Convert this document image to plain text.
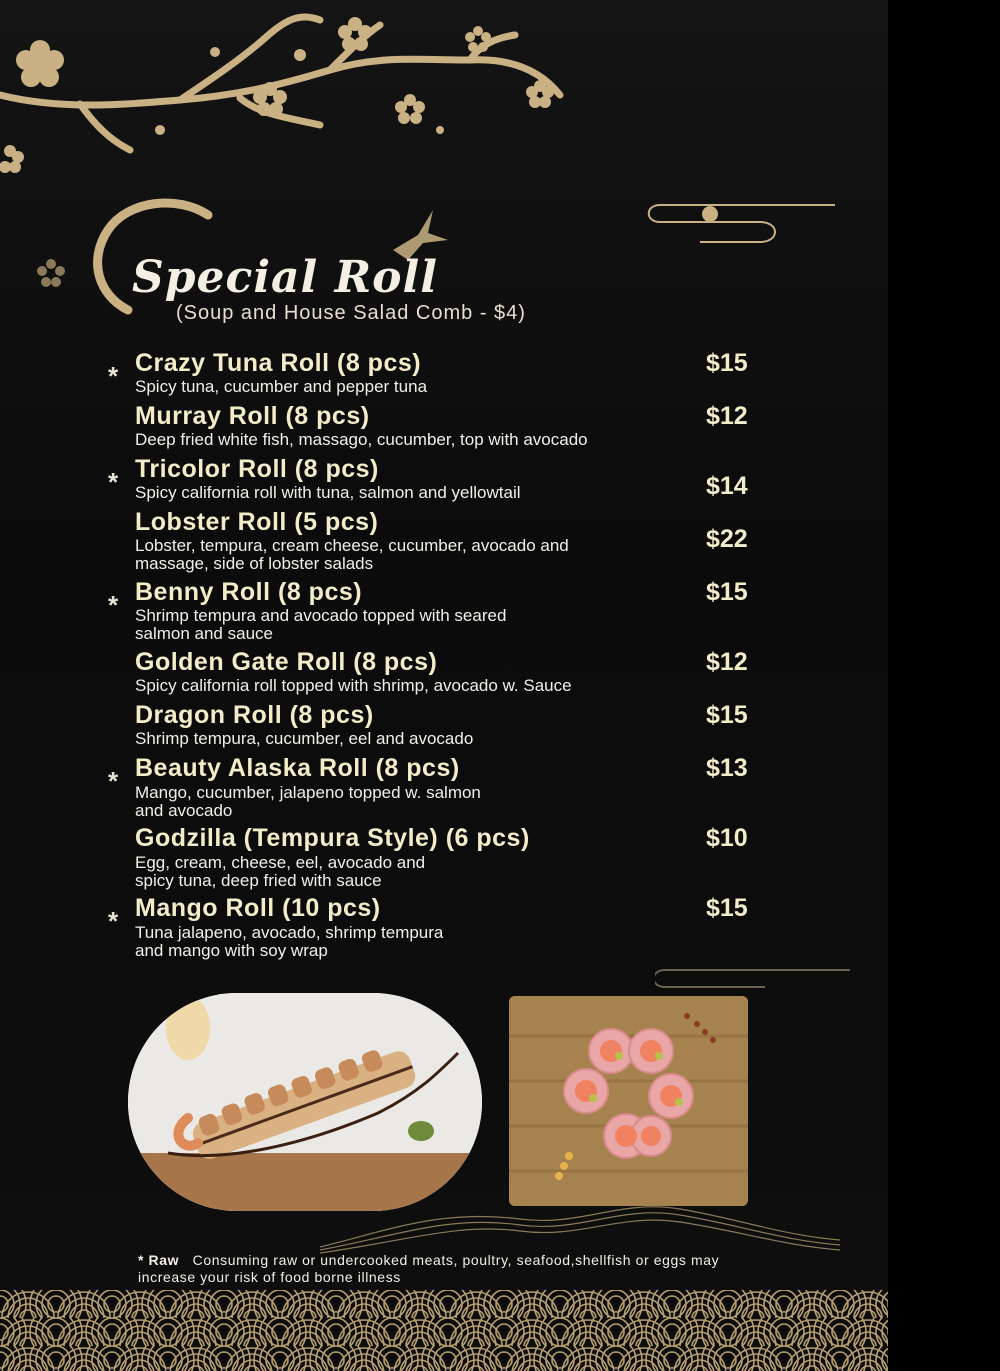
Special Roll
(Soup and House Salad Comb - $4)
* Crazy Tuna Roll (8 pcs)
Spicy tuna, cucumber and pepper tuna
$15
Murray Roll (8 pcs)
Deep fried white fish, massago, cucumber, top with avocado
$12
* Tricolor Roll (8 pcs)
Spicy california roll with tuna, salmon and yellowtail	$14
Lobster Roll (5 pcs)
Lobster, tempura, cream cheese, cucumber, avocado and
massage, side of lobster salads
$22
* Benny Roll (8 pcs)
Shrimp tempura and avocado topped with seared
salmon and sauce
$15
Golden Gate Roll (8 pcs)
Spicy california roll topped with shrimp, avocado w. Sauce
$12
Dragon Roll (8 pcs)
Shrimp tempura, cucumber, eel and avocado
$15
* Beauty Alaska Roll (8 pcs)
Mango, cucumber, jalapeno topped w. salmon
and avocado
$13
Godzilla (Tempura Style) (6 pcs)
Egg, cream, cheese, eel, avocado and
spicy tuna, deep fried with sauce
$10
* Mango Roll (10 pcs)
Tuna jalapeno, avocado, shrimp tempura
and mango with soy wrap
$15
* Raw Consuming raw or undercooked meats, poultry, seafood,shellfish or eggs may
increase your risk of food borne illness
